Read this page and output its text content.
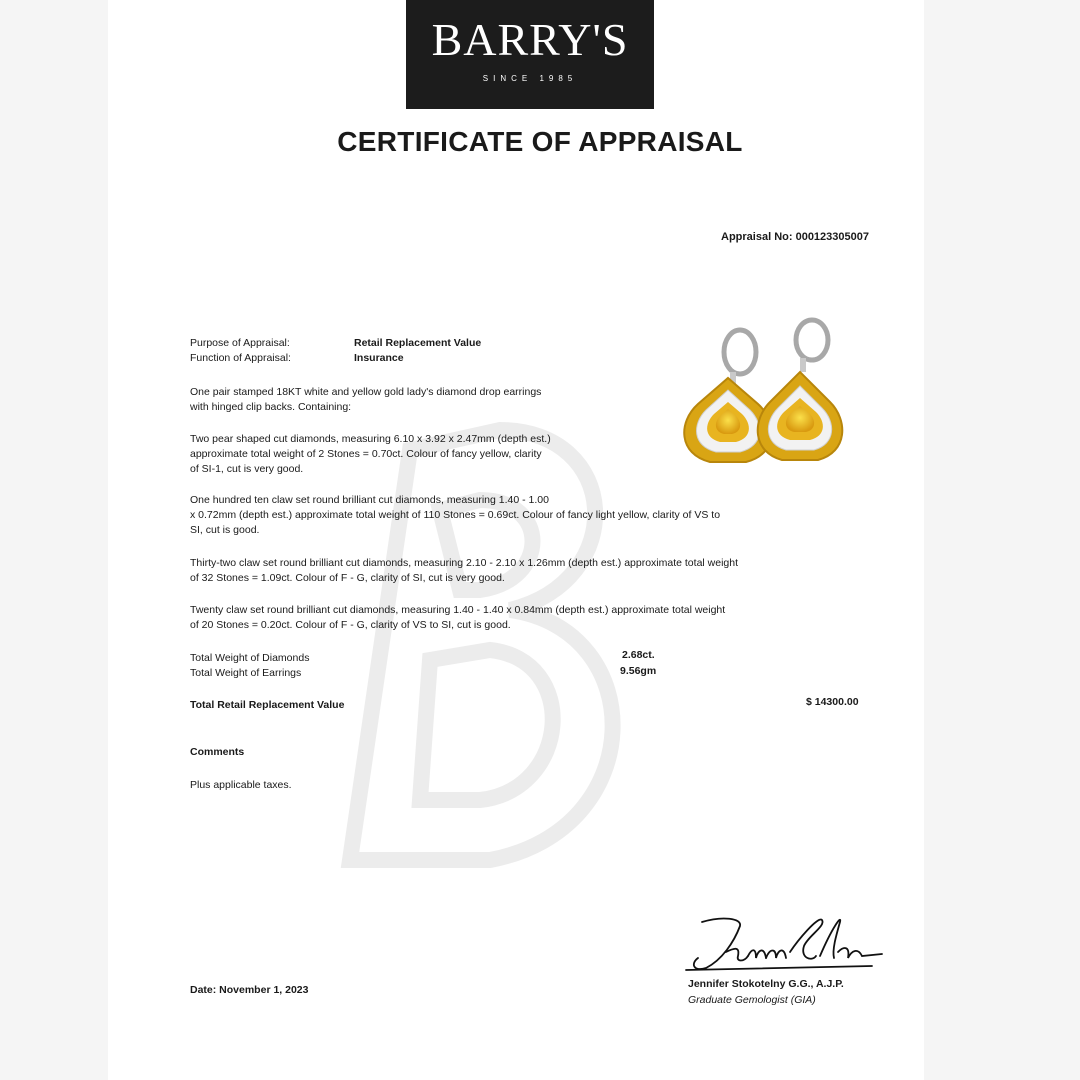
BARRY'S
SINCE 1985
CERTIFICATE OF APPRAISAL
Appraisal No: 000123305007
Purpose of Appraisal:	Retail Replacement Value
Function of Appraisal:	Insurance

One pair stamped 18KT white and yellow gold lady's diamond drop earrings
with hinged clip backs. Containing:

Two pear shaped cut diamonds, measuring 6.10 x 3.92 x 2.47mm (depth est.)
approximate total weight of 2 Stones = 0.70ct. Colour of fancy yellow, clarity
of SI-1, cut is very good.

One hundred ten claw set round brilliant cut diamonds, measuring 1.40 - 1.00
x 0.72mm (depth est.) approximate total weight of 110 Stones = 0.69ct. Colour of fancy light yellow, clarity of VS to
SI, cut is good.

Thirty-two claw set round brilliant cut diamonds, measuring 2.10 - 2.10 x 1.26mm (depth est.) approximate total weight
of 32 Stones = 1.09ct. Colour of F - G, clarity of SI, cut is very good.

Twenty claw set round brilliant cut diamonds, measuring 1.40 - 1.40 x 0.84mm (depth est.) approximate total weight
of 20 Stones = 0.20ct. Colour of F - G, clarity of VS to SI, cut is good.

Total Weight of Diamonds	2.68ct.
Total Weight of Earrings	9.56gm
Total Retail Replacement Value	$ 14300.00
Comments
Plus applicable taxes.
Date: November 1, 2023	Jennifer Stokotelny G.G., A.J.P.
Graduate Gemologist (GIA)
